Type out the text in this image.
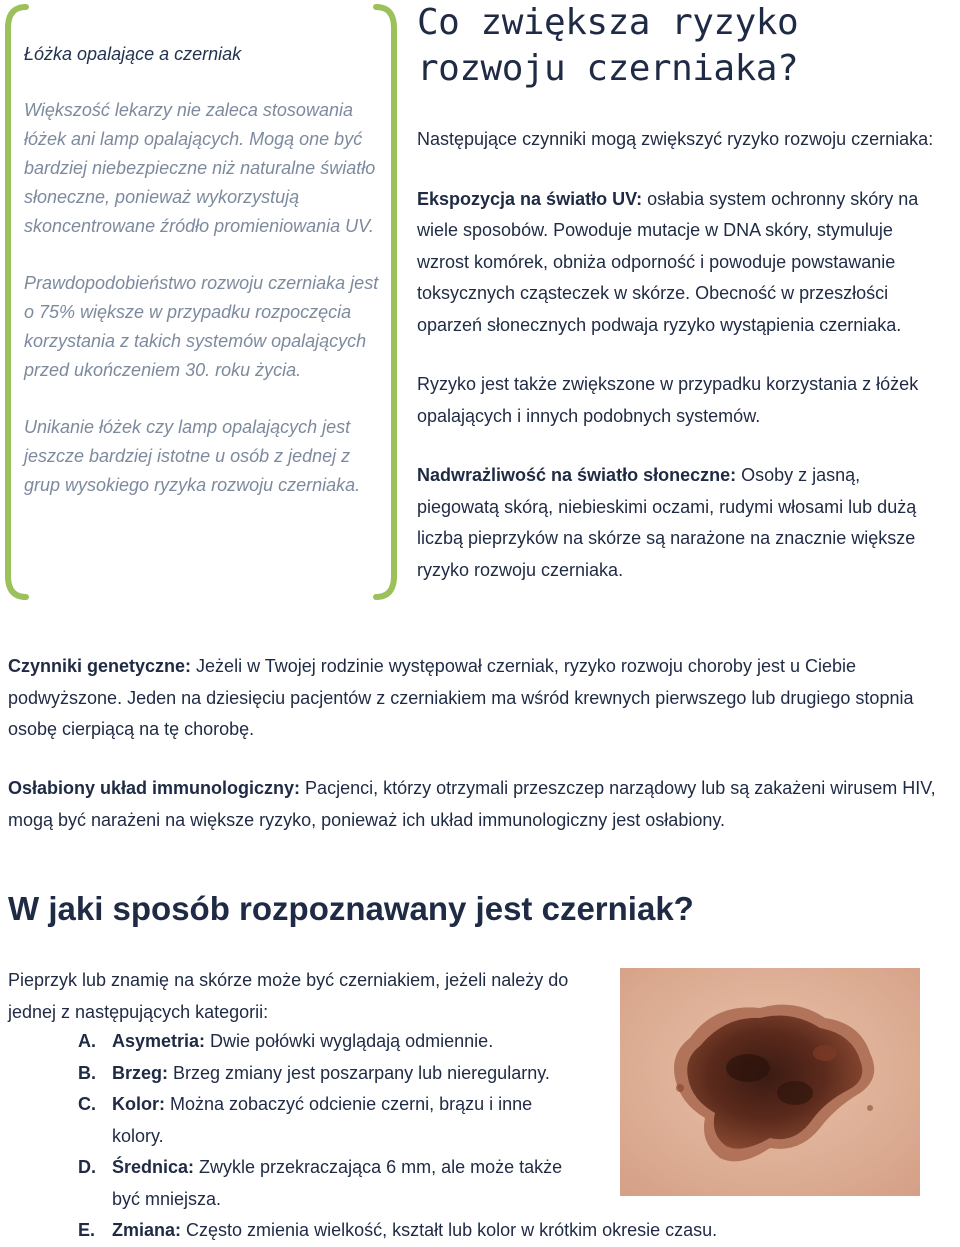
Łóżka opalające a czerniak

Większość lekarzy nie zaleca stosowania łóżek ani lamp opalających. Mogą one być bardziej niebezpieczne niż naturalne światło słoneczne, ponieważ wykorzystują skoncentrowane źródło promieniowania UV.

Prawdopodobieństwo rozwoju czerniaka jest o 75% większe w przypadku rozpoczęcia korzystania z takich systemów opalających przed ukończeniem 30. roku życia.

Unikanie łóżek czy lamp opalających jest jeszcze bardziej istotne u osób z jednej z grup wysokiego ryzyka rozwoju czerniaka.

Co zwiększa ryzyko rozwoju czerniaka?

Następujące czynniki mogą zwiększyć ryzyko rozwoju czerniaka:

Ekspozycja na światło UV: osłabia system ochronny skóry na wiele sposobów. Powoduje mutacje w DNA skóry, stymuluje wzrost komórek, obniża odporność i powoduje powstawanie toksycznych cząsteczek w skórze. Obecność w przeszłości oparzeń słonecznych podwaja ryzyko wystąpienia czerniaka.

Ryzyko jest także zwiększone w przypadku korzystania z łóżek opalających i innych podobnych systemów.

Nadwrażliwość na światło słoneczne: Osoby z jasną, piegowatą skórą, niebieskimi oczami, rudymi włosami lub dużą liczbą pieprzyków na skórze są narażone na znacznie większe ryzyko rozwoju czerniaka.

Czynniki genetyczne: Jeżeli w Twojej rodzinie występował czerniak, ryzyko rozwoju choroby jest u Ciebie podwyższone. Jeden na dziesięciu pacjentów z czerniakiem ma wśród krewnych pierwszego lub drugiego stopnia osobę cierpiącą na tę chorobę.

Osłabiony układ immunologiczny: Pacjenci, którzy otrzymali przeszczep narządowy lub są zakażeni wirusem HIV, mogą być narażeni na większe ryzyko, ponieważ ich układ immunologiczny jest osłabiony.

W jaki sposób rozpoznawany jest czerniak?

Pieprzyk lub znamię na skórze może być czerniakiem, jeżeli należy do jednej z następujących kategorii:

A. Asymetria: Dwie połówki wyglądają odmiennie.
B. Brzeg: Brzeg zmiany jest poszarpany lub nieregularny.
C. Kolor: Można zobaczyć odcienie czerni, brązu i inne kolory.
D. Średnica: Zwykle przekraczająca 6 mm, ale może także być mniejsza.
E. Zmiana: Często zmienia wielkość, kształt lub kolor w krótkim okresie czasu.
